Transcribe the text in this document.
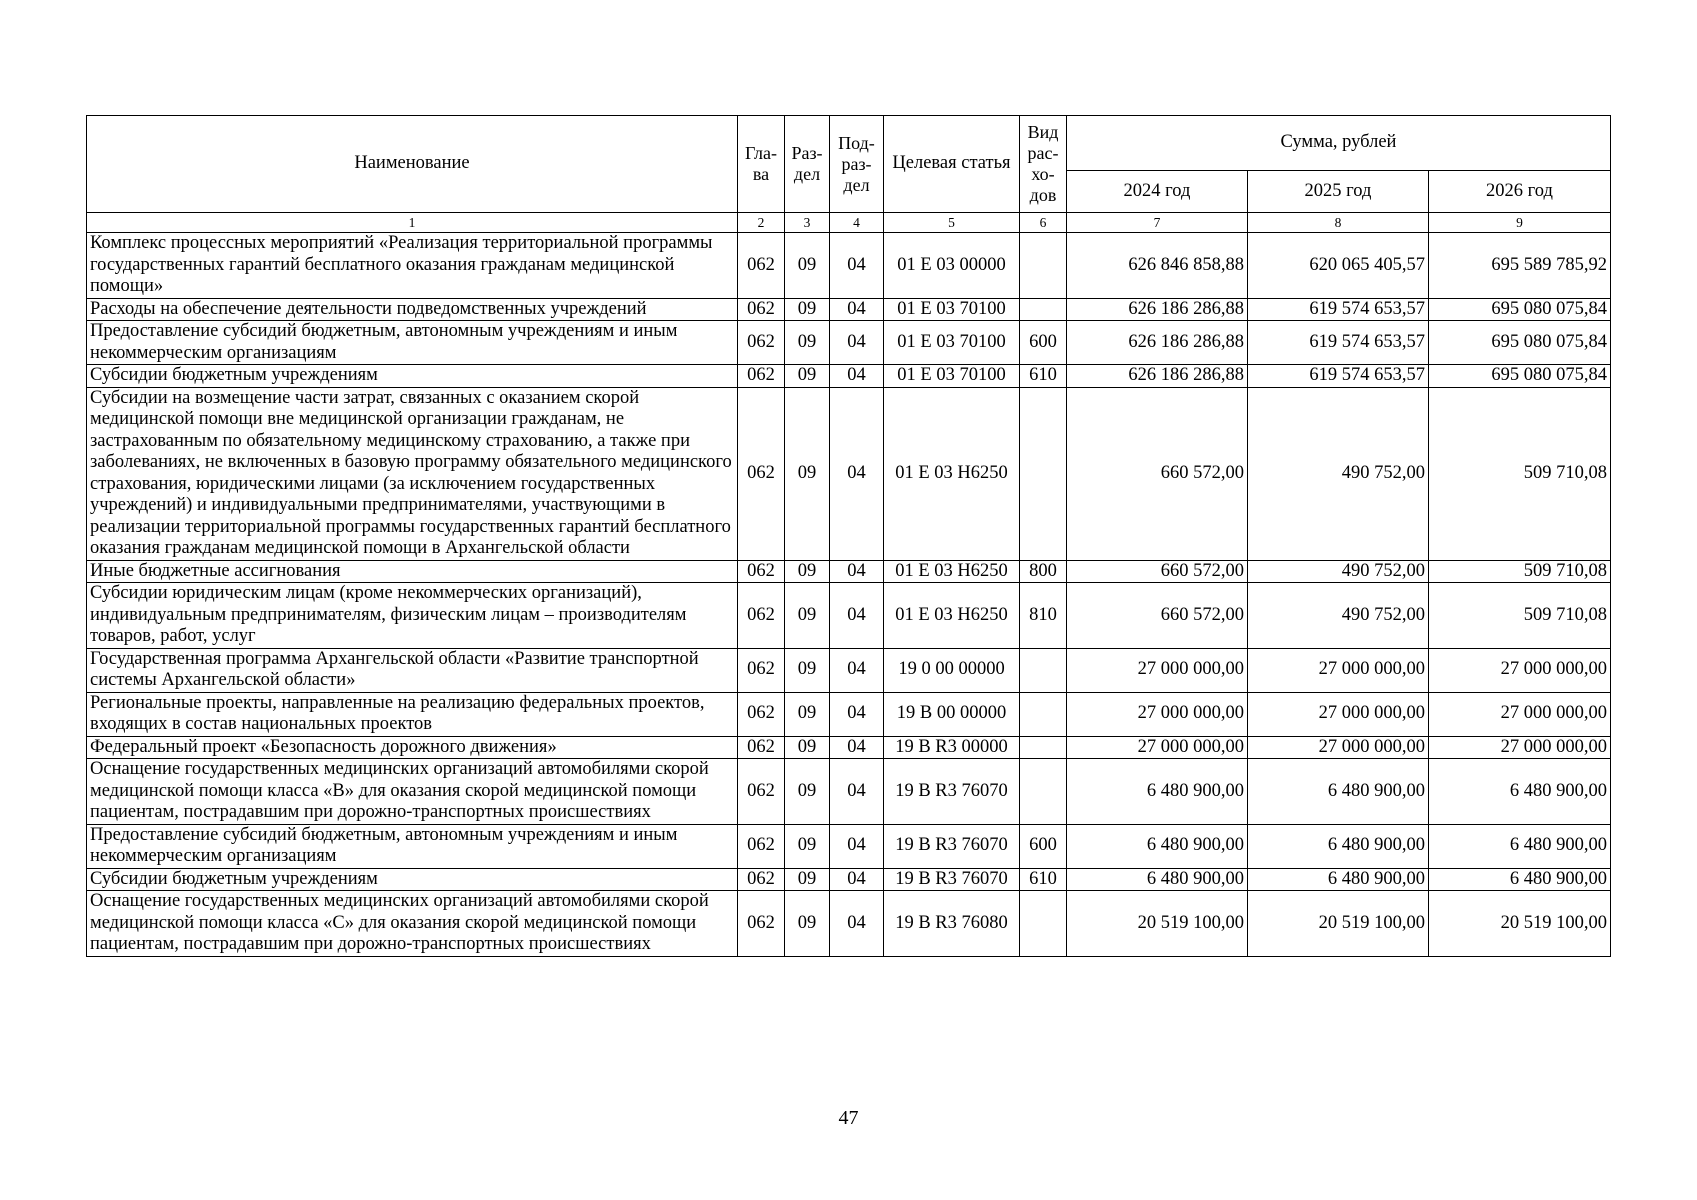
Наименование	Гла-ва	Раз-дел	Под-раз-дел	Целевая статья	Вид рас-хо-дов	Сумма, рублей		
						2024 год	2025 год	2026 год
1	2	3	4	5	6	7	8	9
Комплекс процессных мероприятий «Реализация территориальной программы государственных гарантий бесплатного оказания гражданам медицинской помощи»	062	09	04	01 Е 03 00000		626 846 858,88	620 065 405,57	695 589 785,92
Расходы на обеспечение деятельности подведомственных учреждений	062	09	04	01 Е 03 70100		626 186 286,88	619 574 653,57	695 080 075,84
Предоставление субсидий бюджетным, автономным учреждениям и иным некоммерческим организациям	062	09	04	01 Е 03 70100	600	626 186 286,88	619 574 653,57	695 080 075,84
Субсидии бюджетным учреждениям	062	09	04	01 Е 03 70100	610	626 186 286,88	619 574 653,57	695 080 075,84
Субсидии на возмещение части затрат, связанных с оказанием скорой медицинской помощи вне медицинской организации гражданам, не застрахованным по обязательному медицинскому страхованию, а также при заболеваниях, не включенных в базовую программу обязательного медицинского страхования, юридическими лицами (за исключением государственных учреждений) и индивидуальными предпринимателями, участвующими в реализации территориальной программы государственных гарантий бесплатного оказания гражданам медицинской помощи в Архангельской области	062	09	04	01 Е 03 Н6250		660 572,00	490 752,00	509 710,08
Иные бюджетные ассигнования	062	09	04	01 Е 03 Н6250	800	660 572,00	490 752,00	509 710,08
Субсидии юридическим лицам (кроме некоммерческих организаций), индивидуальным предпринимателям, физическим лицам – производителям товаров, работ, услуг	062	09	04	01 Е 03 Н6250	810	660 572,00	490 752,00	509 710,08
Государственная программа Архангельской области «Развитие транспортной системы Архангельской области»	062	09	04	19 0 00 00000		27 000 000,00	27 000 000,00	27 000 000,00
Региональные проекты, направленные на реализацию федеральных проектов, входящих в состав национальных проектов	062	09	04	19 В 00 00000		27 000 000,00	27 000 000,00	27 000 000,00
Федеральный проект «Безопасность дорожного движения»	062	09	04	19 В R3 00000		27 000 000,00	27 000 000,00	27 000 000,00
Оснащение государственных медицинских организаций автомобилями скорой медицинской помощи класса «В» для оказания скорой медицинской помощи пациентам, пострадавшим при дорожно-транспортных происшествиях	062	09	04	19 В R3 76070		6 480 900,00	6 480 900,00	6 480 900,00
Предоставление субсидий бюджетным, автономным учреждениям и иным некоммерческим организациям	062	09	04	19 В R3 76070	600	6 480 900,00	6 480 900,00	6 480 900,00
Субсидии бюджетным учреждениям	062	09	04	19 В R3 76070	610	6 480 900,00	6 480 900,00	6 480 900,00
Оснащение государственных медицинских организаций автомобилями скорой медицинской помощи класса «С» для оказания скорой медицинской помощи пациентам, пострадавшим при дорожно-транспортных происшествиях	062	09	04	19 В R3 76080		20 519 100,00	20 519 100,00	20 519 100,00
47
